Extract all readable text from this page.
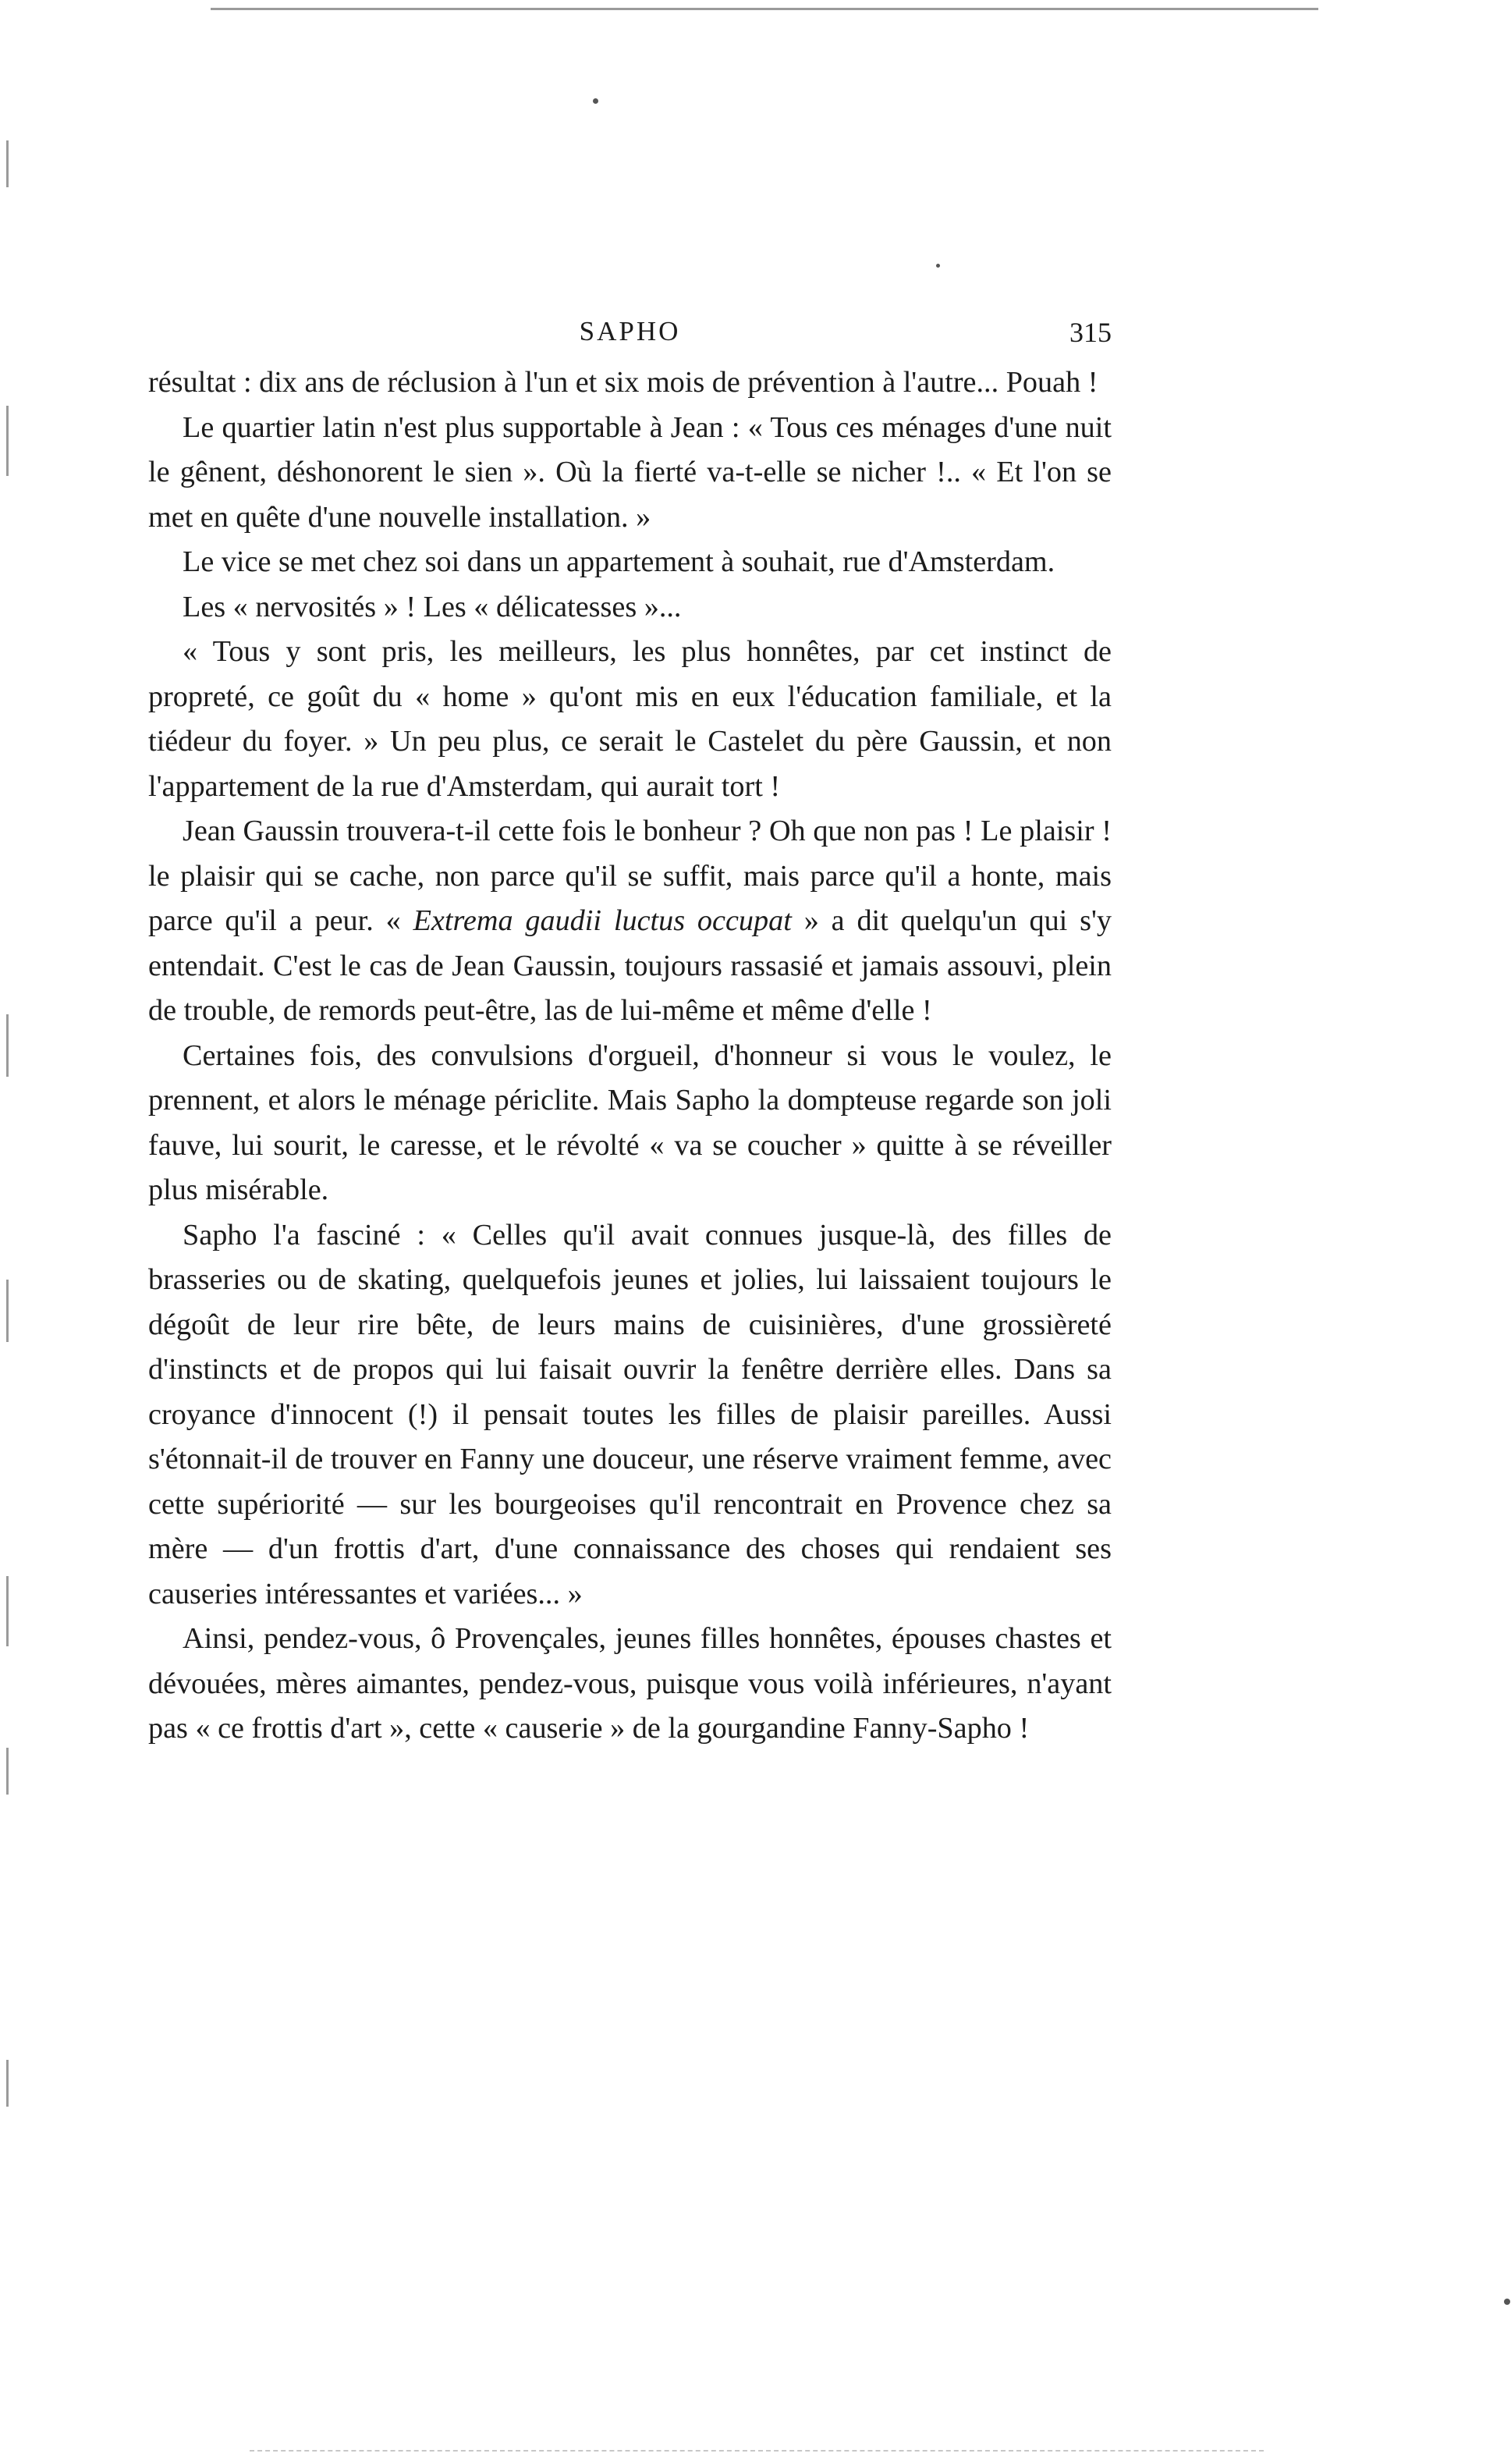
SAPHO	315

résultat : dix ans de réclusion à l'un et six mois de prévention à l'autre... Pouah !

Le quartier latin n'est plus supportable à Jean : « Tous ces ménages d'une nuit le gênent, déshonorent le sien ». Où la fierté va-t-elle se nicher !.. « Et l'on se met en quête d'une nouvelle installation. »

Le vice se met chez soi dans un appartement à souhait, rue d'Amsterdam.

Les « nervosités » ! Les « délicatesses »...

« Tous y sont pris, les meilleurs, les plus honnêtes, par cet instinct de propreté, ce goût du « home » qu'ont mis en eux l'éducation familiale, et la tiédeur du foyer. » Un peu plus, ce serait le Castelet du père Gaussin, et non l'appartement de la rue d'Amsterdam, qui aurait tort !

Jean Gaussin trouvera-t-il cette fois le bonheur ? Oh que non pas ! Le plaisir ! le plaisir qui se cache, non parce qu'il se suffit, mais parce qu'il a honte, mais parce qu'il a peur. « Extrema gaudii luctus occupat » a dit quelqu'un qui s'y entendait. C'est le cas de Jean Gaussin, toujours rassasié et jamais assouvi, plein de trouble, de remords peut-être, las de lui-même et même d'elle !

Certaines fois, des convulsions d'orgueil, d'honneur si vous le voulez, le prennent, et alors le ménage périclite. Mais Sapho la dompteuse regarde son joli fauve, lui sourit, le caresse, et le révolté « va se coucher » quitte à se réveiller plus misérable.

Sapho l'a fasciné : « Celles qu'il avait connues jusque-là, des filles de brasseries ou de skating, quelquefois jeunes et jolies, lui laissaient toujours le dégoût de leur rire bête, de leurs mains de cuisinières, d'une grossièreté d'instincts et de propos qui lui faisait ouvrir la fenêtre derrière elles. Dans sa croyance d'innocent (!) il pensait toutes les filles de plaisir pareilles. Aussi s'étonnait-il de trouver en Fanny une douceur, une réserve vraiment femme, avec cette supériorité — sur les bourgeoises qu'il rencontrait en Provence chez sa mère — d'un frottis d'art, d'une connaissance des choses qui rendaient ses causeries intéressantes et variées... »

Ainsi, pendez-vous, ô Provençales, jeunes filles honnêtes, épouses chastes et dévouées, mères aimantes, pendez-vous, puisque vous voilà inférieures, n'ayant pas « ce frottis d'art », cette « causerie » de la gourgandine Fanny-Sapho !
